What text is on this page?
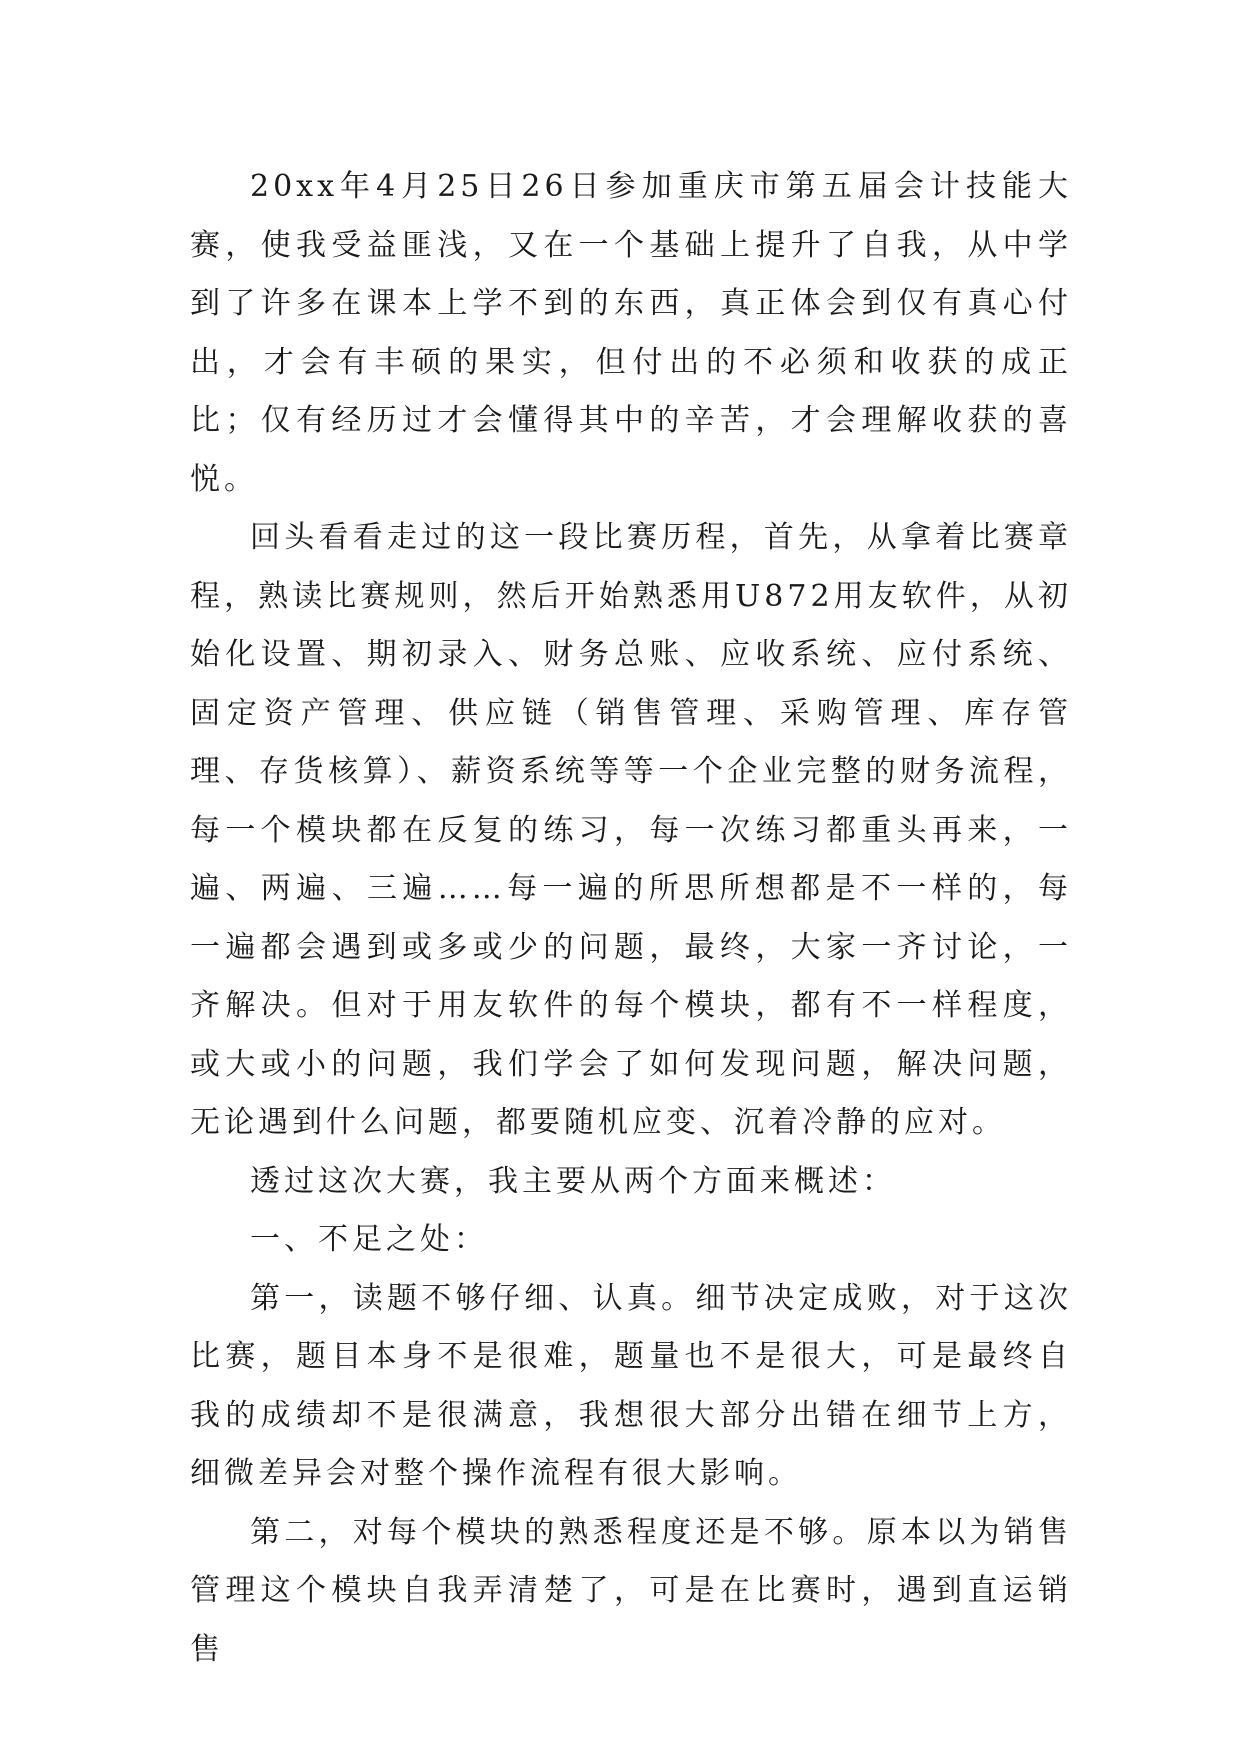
20xx年4月25日26日参加重庆市第五届会计技能大赛，使我受益匪浅，又在一个基础上提升了自我，从中学到了许多在课本上学不到的东西，真正体会到仅有真心付出，才会有丰硕的果实，但付出的不必须和收获的成正比；仅有经历过才会懂得其中的辛苦，才会理解收获的喜悦。

回头看看走过的这一段比赛历程，首先，从拿着比赛章程，熟读比赛规则，然后开始熟悉用U872用友软件，从初始化设置、期初录入、财务总账、应收系统、应付系统、固定资产管理、供应链（销售管理、采购管理、库存管理、存货核算）、薪资系统等等一个企业完整的财务流程，每一个模块都在反复的练习，每一次练习都重头再来，一遍、两遍、三遍……每一遍的所思所想都是不一样的，每一遍都会遇到或多或少的问题，最终，大家一齐讨论，一齐解决。但对于用友软件的每个模块，都有不一样程度，或大或小的问题，我们学会了如何发现问题，解决问题，无论遇到什么问题，都要随机应变、沉着冷静的应对。

透过这次大赛，我主要从两个方面来概述：

一、不足之处：

第一，读题不够仔细、认真。细节决定成败，对于这次比赛，题目本身不是很难，题量也不是很大，可是最终自我的成绩却不是很满意，我想很大部分出错在细节上方，细微差异会对整个操作流程有很大影响。

第二，对每个模块的熟悉程度还是不够。原本以为销售管理这个模块自我弄清楚了，可是在比赛时，遇到直运销售
